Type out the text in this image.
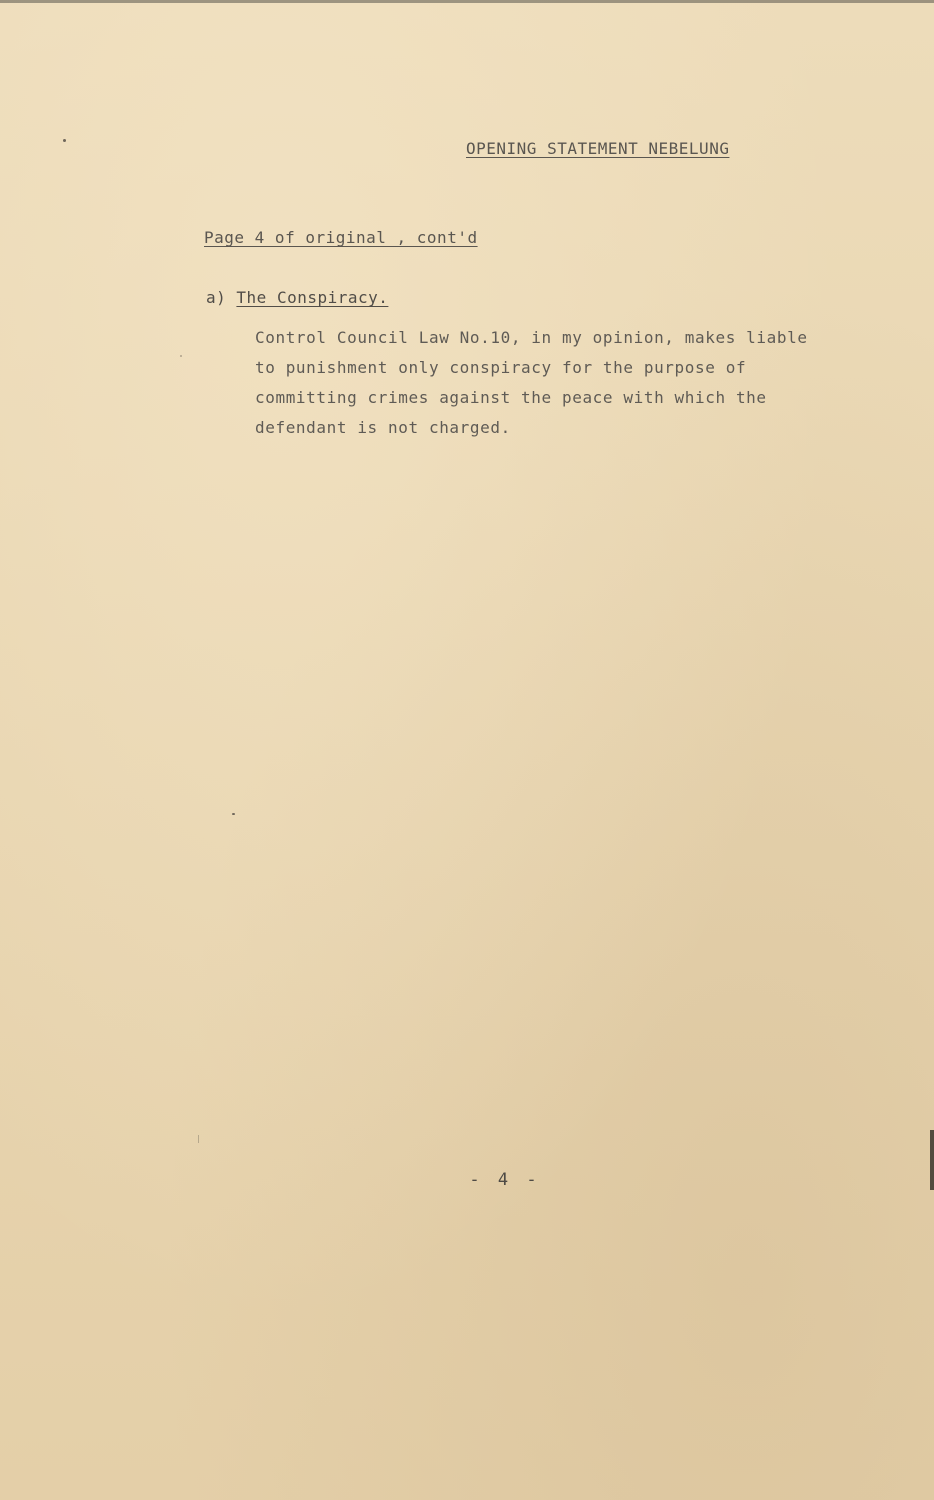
OPENING STATEMENT NEBELUNG
Page 4 of original , cont'd
a) The Conspiracy.
Control Council Law No.10, in my opinion, makes liable
to punishment only conspiracy for the purpose of
committing crimes against the peace with which the
defendant is not charged.
- 4 -
